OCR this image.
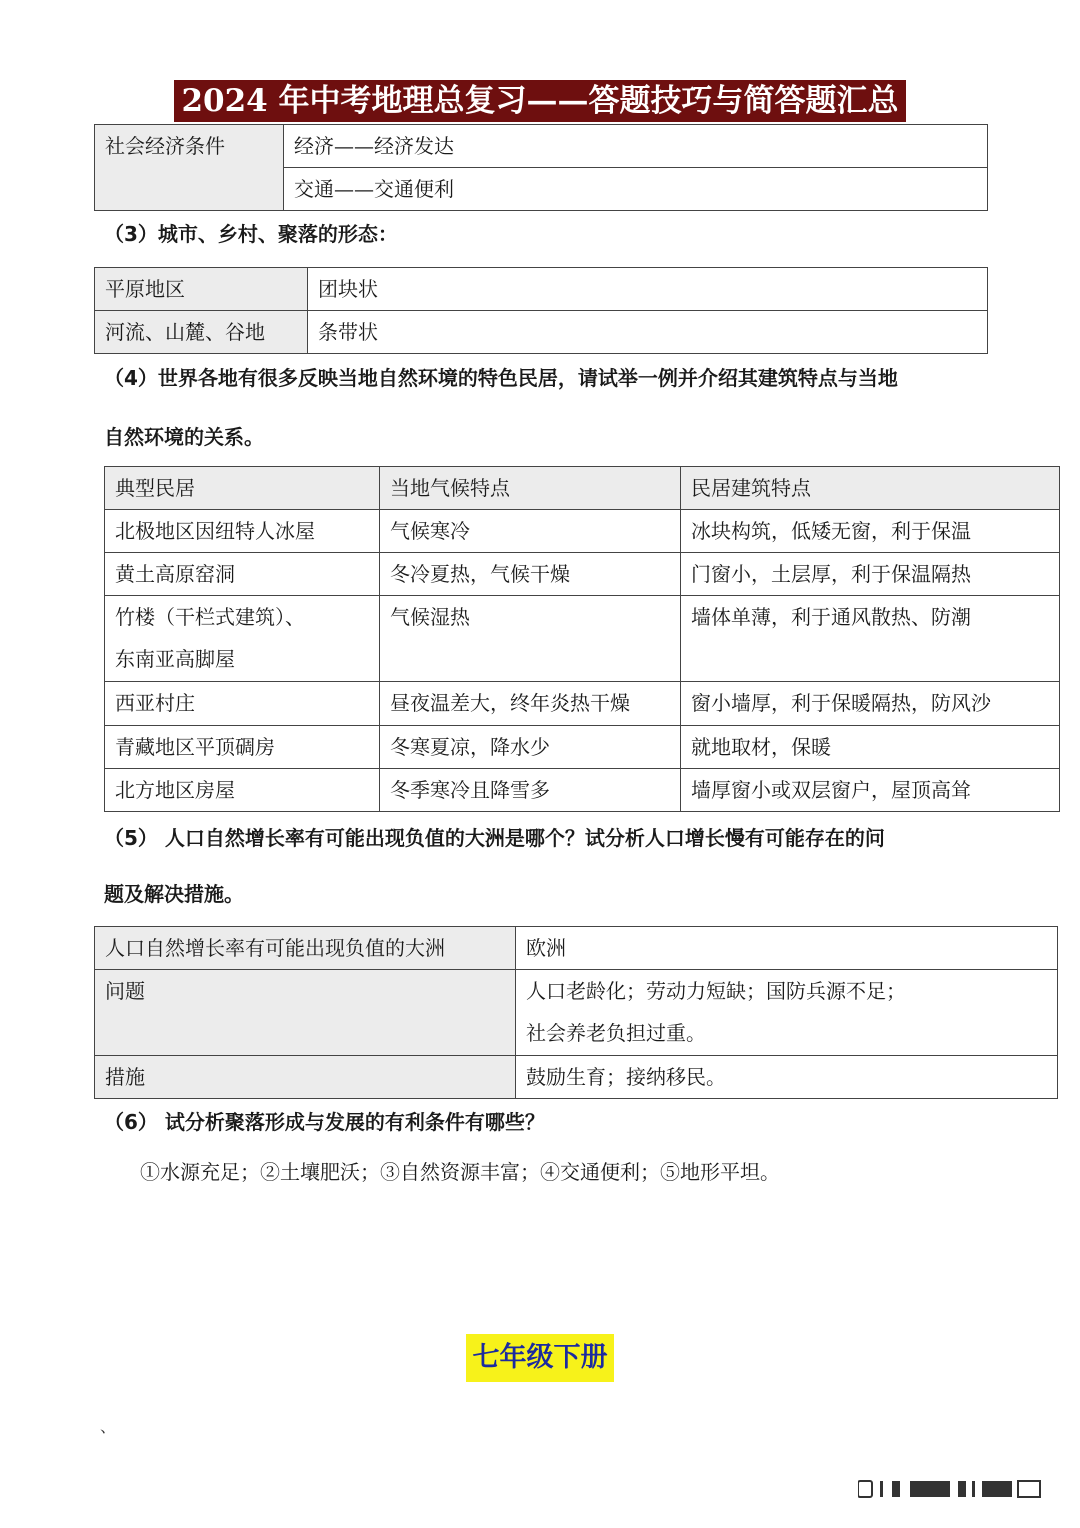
2024 年中考地理总复习——答题技巧与简答题汇总
社会经济条件	经济——经济发达
交通——交通便利
（3）城市、乡村、聚落的形态：
平原地区	团块状
河流、山麓、谷地	条带状
（4）世界各地有很多反映当地自然环境的特色民居，请试举一例并介绍其建筑特点与当地
自然环境的关系。
典型民居	当地气候特点	民居建筑特点
北极地区因纽特人冰屋	气候寒冷	冰块构筑，低矮无窗，利于保温
黄土高原窑洞	冬冷夏热，气候干燥	门窗小，土层厚，利于保温隔热

竹楼（干栏式建筑）、
东南亚高脚屋	气候湿热	墙体单薄，利于通风散热、防潮
西亚村庄	昼夜温差大，终年炎热干燥	窗小墙厚，利于保暖隔热，防风沙
青藏地区平顶碉房	冬寒夏凉，降水少	就地取材，保暖
北方地区房屋	冬季寒冷且降雪多	墙厚窗小或双层窗户，屋顶高耸
（5） 人口自然增长率有可能出现负值的大洲是哪个？试分析人口增长慢有可能存在的问
题及解决措施。
人口自然增长率有可能出现负值的大洲	欧洲
问题	人口老龄化；劳动力短缺；国防兵源不足；
社会养老负担过重。

措施	鼓励生育；接纳移民。
（6） 试分析聚落形成与发展的有利条件有哪些？
①水源充足；②土壤肥沃；③自然资源丰富；④交通便利；⑤地形平坦。
七年级下册
、
